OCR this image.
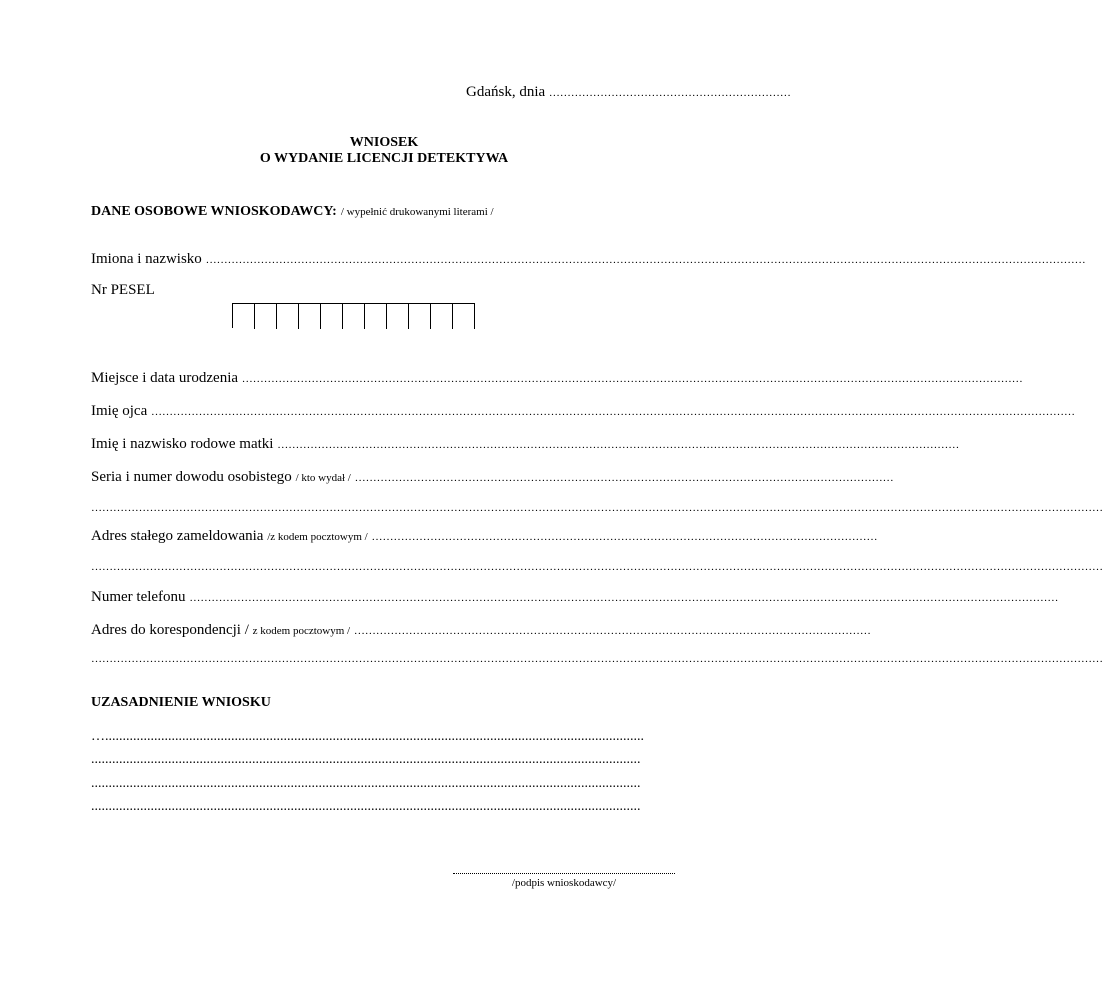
Gdańsk, dnia …………………………………………………………
WNIOSEK
O WYDANIE LICENCJI DETEKTYWA
DANE OSOBOWE WNIOSKODAWCY: / wypełnić drukowanymi literami /
Imiona i nazwisko ……………………………………………………………………………………………………………………………………………………………………………………………………………………
Nr PESEL
Miejsce i data urodzenia ……………………………………………………………………………………………………………………………………………………………………………………………
Imię ojca ………………………………………………………………………………………………………………………………………………………………………………………………………………………………
Imię i nazwisko rodowe matki ……………………………………………………………………………………………………………………………………………………………………
Seria i numer dowodu osobistego / kto wydał / …………………………………………………………………………………………………………………………………
……………………………………………………………………………………………………………………………………………………………………………………………………………………………………………………
Adres stałego zameldowania /z kodem pocztowym / …………………………………………………………………………………………………………………………
……………………………………………………………………………………………………………………………………………………………………………………………………………………………………………………
Numer telefonu …………………………………………………………………………………………………………………………………………………………………………………………………………………
Adres do korespondencji / z kodem pocztowym / ……………………………………………………………………………………………………………………………
……………………………………………………………………………………………………………………………………………………………………………………………………………………………………………………
UZASADNIENIE WNIOSKU
…..........................................................................................................................................................
.............................................................................................................................................................
.............................................................................................................................................................
.............................................................................................................................................................
/podpis wnioskodawcy/
